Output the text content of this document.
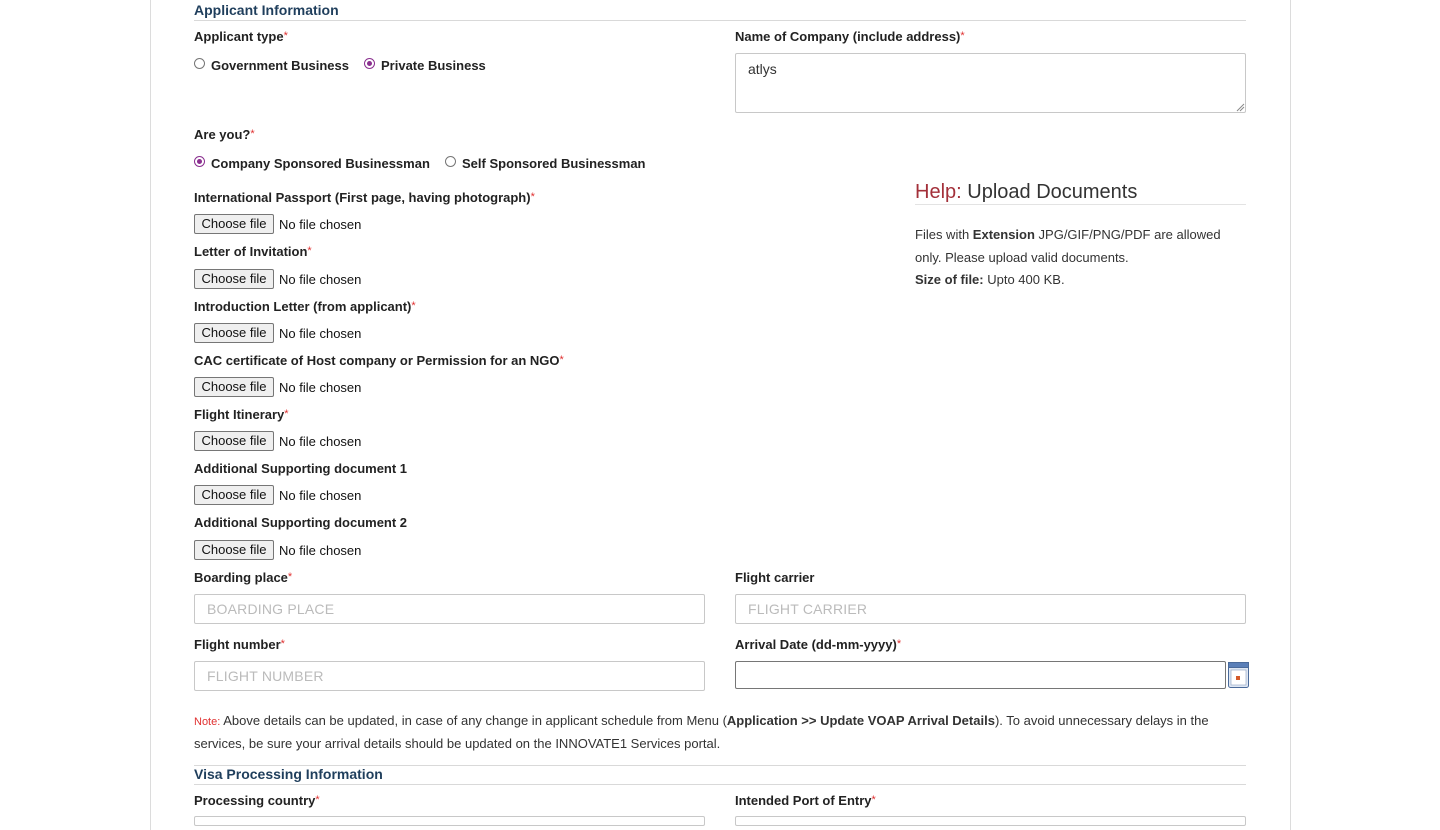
Applicant Information
Applicant type*
Government Business Private Business
Name of Company (include address)*
atlys
Are you?*
Company Sponsored Businessman Self Sponsored Businessman
International Passport (First page, having photograph)*
Choose file No file chosen
Letter of Invitation*
Choose file No file chosen
Introduction Letter (from applicant)*
Choose file No file chosen
CAC certificate of Host company or Permission for an NGO*
Choose file No file chosen
Flight Itinerary*
Choose file No file chosen
Additional Supporting document 1
Choose file No file chosen
Additional Supporting document 2
Choose file No file chosen
Help: Upload Documents
Files with Extension JPG/GIF/PNG/PDF are allowed only. Please upload valid documents.
Size of file: Upto 400 KB.
Boarding place*
BOARDING PLACE
Flight carrier
FLIGHT CARRIER
Flight number*
FLIGHT NUMBER
Arrival Date (dd-mm-yyyy)*
Note: Above details can be updated, in case of any change in applicant schedule from Menu (Application >> Update VOAP Arrival Details). To avoid unnecessary delays in the services, be sure your arrival details should be updated on the INNOVATE1 Services portal.
Visa Processing Information
Processing country*	Intended Port of Entry*
